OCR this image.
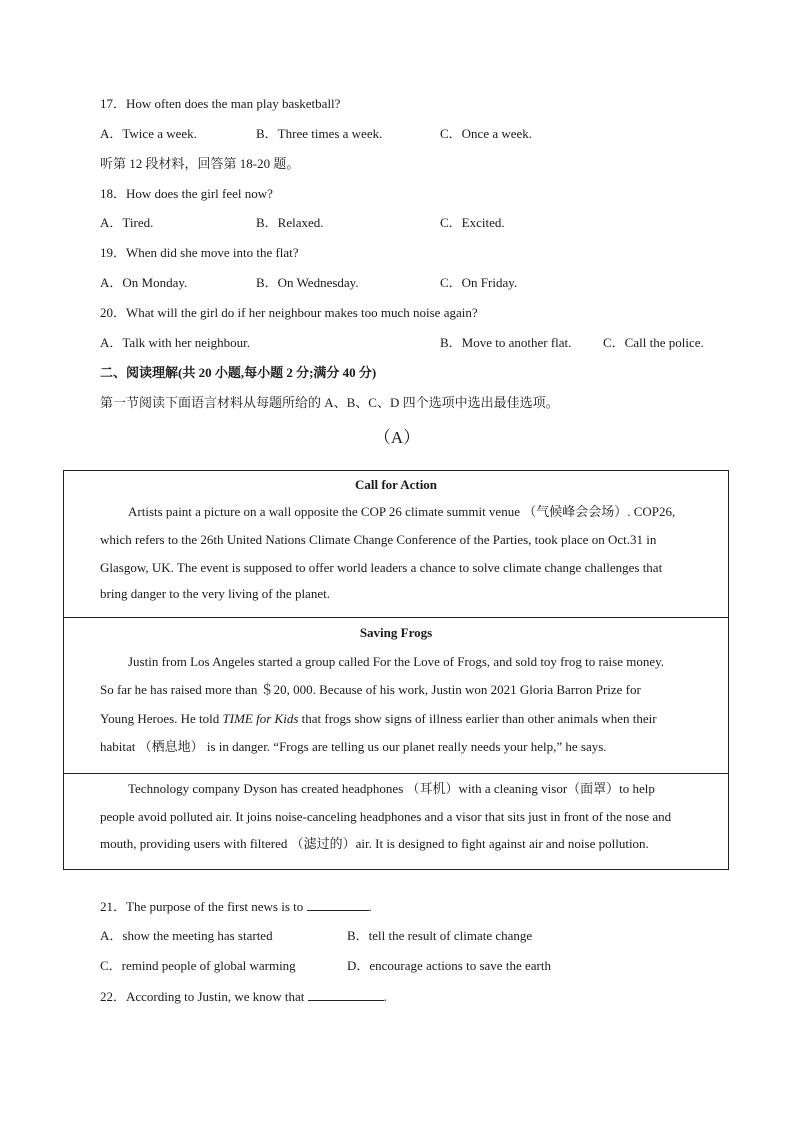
17．How often does the man play basketball?
A．Twice a week.	B．Three times a week.	C．Once a week.
听第 12 段材料，回答第 18-20 题。
18．How does the girl feel now?
A．Tired.	B．Relaxed.	C．Excited.
19．When did she move into the flat?
A．On Monday.	B．On Wednesday.	C．On Friday.
20．What will the girl do if her neighbour makes too much noise again?
A．Talk with her neighbour.	B．Move to another flat. C．Call the police.
二、阅读理解(共 20 小题,每小题 2 分;满分 40 分)
第一节阅读下面语言材料从每题所给的 A、B、C、D 四个选项中选出最佳选项。
（A）
Call for Action
Artists paint a picture on a wall opposite the COP 26 climate summit venue （气候峰会会场）. COP26,
which refers to the 26th United Nations Climate Change Conference of the Parties, took place on Oct.31 in
Glasgow, UK. The event is supposed to offer world leaders a chance to solve climate change challenges that
bring danger to the very living of the planet.
Saving Frogs
Justin from Los Angeles started a group called For the Love of Frogs, and sold toy frog to raise money.
So far he has raised more than ＄20, 000. Because of his work, Justin won 2021 Gloria Barron Prize for
Young Heroes. He told TIME for Kids that frogs show signs of illness earlier than other animals when their
habitat （栖息地） is in danger. “Frogs are telling us our planet really needs your help,” he says.
Technology company Dyson has created headphones （耳机）with a cleaning visor（面罩）to help
people avoid polluted air. It joins noise-canceling headphones and a visor that sits just in front of the nose and
mouth, providing users with filtered （滤过的）air. It is designed to fight against air and noise pollution.
21．The purpose of the first news is to	.
A．show the meeting has started	B．tell the result of climate change
C．remind people of global warming	D．encourage actions to save the earth
22．According to Justin, we know that	.
